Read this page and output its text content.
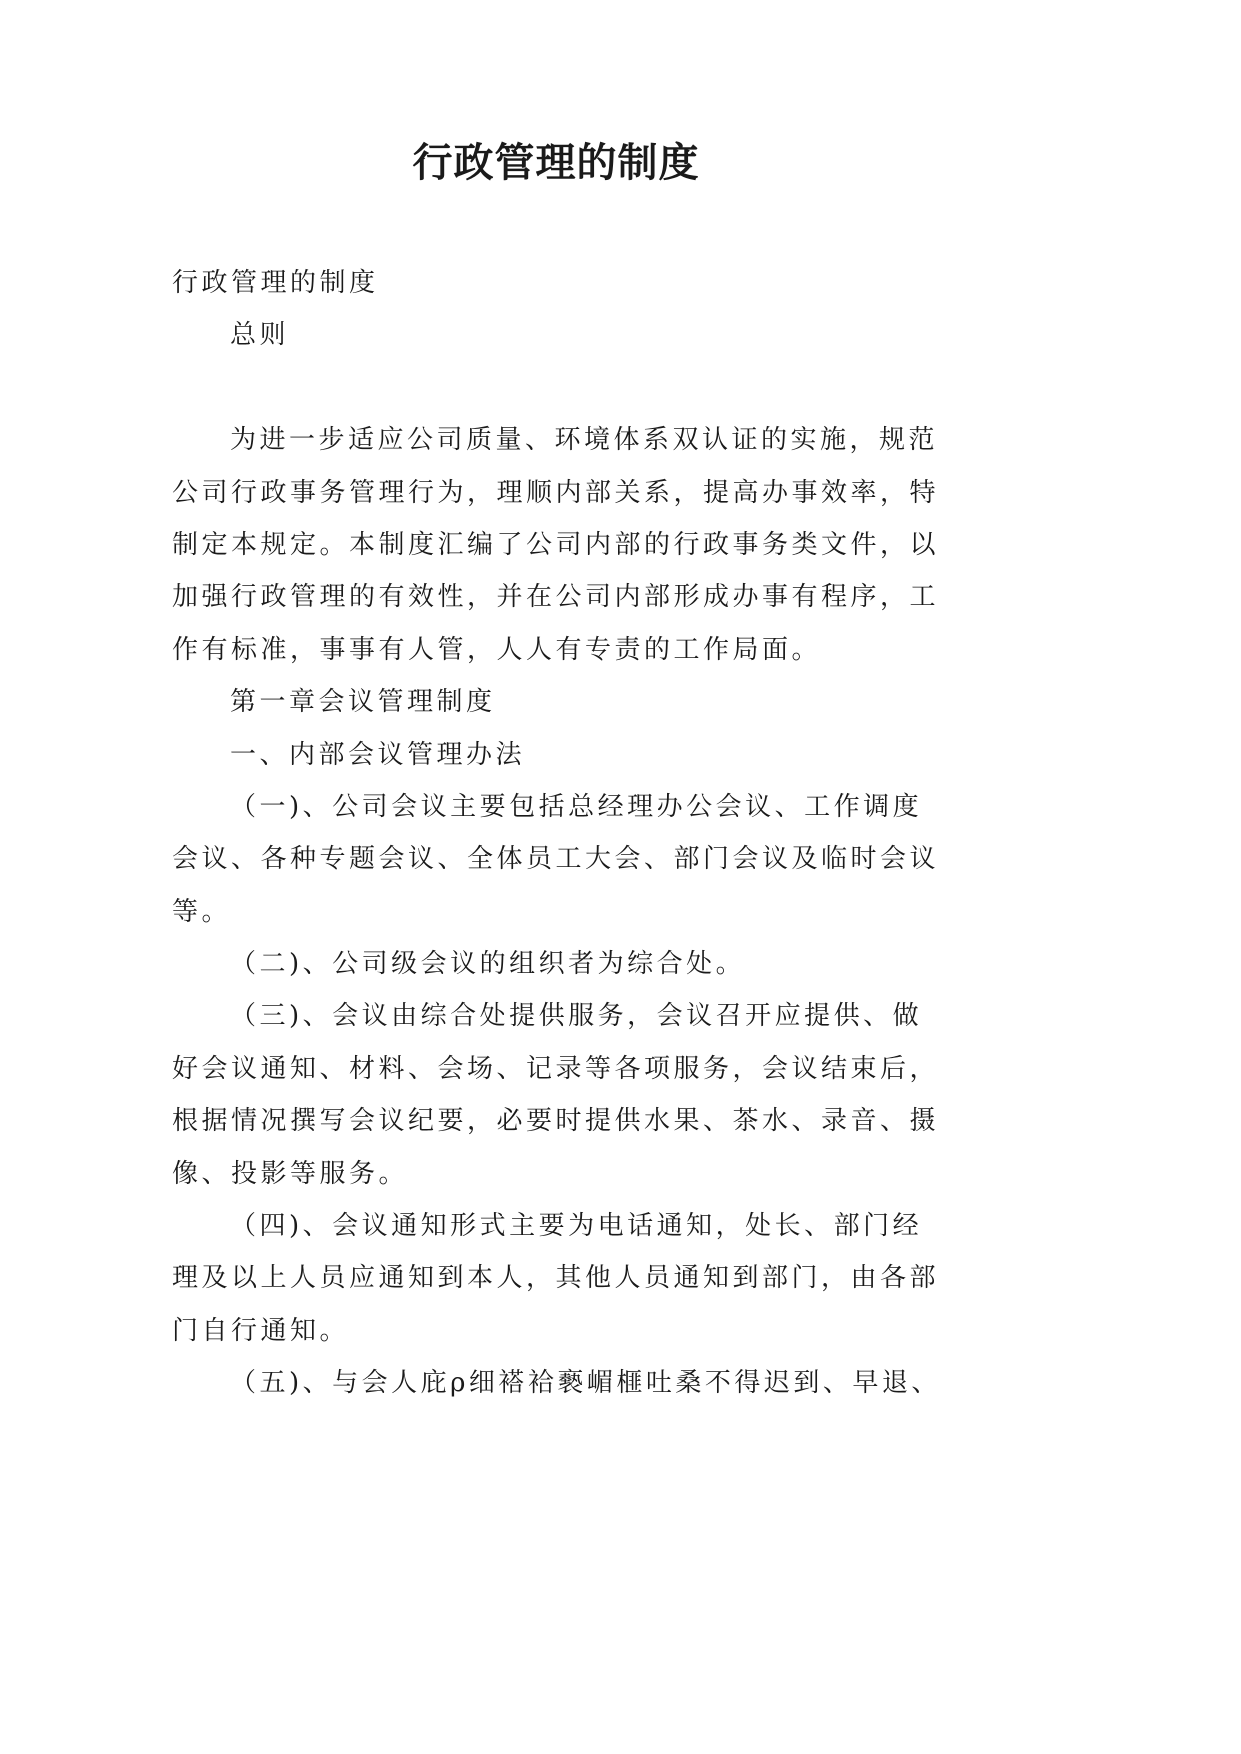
行政管理的制度
行政管理的制度
总则
为进一步适应公司质量、环境体系双认证的实施，规范
公司行政事务管理行为，理顺内部关系，提高办事效率，特
制定本规定。本制度汇编了公司内部的行政事务类文件，以
加强行政管理的有效性，并在公司内部形成办事有程序，工
作有标准，事事有人管，人人有专责的工作局面。
第一章会议管理制度
一、内部会议管理办法
（一)、公司会议主要包括总经理办公会议、工作调度
会议、各种专题会议、全体员工大会、部门会议及临时会议
等。
（二)、公司级会议的组织者为综合处。
（三)、会议由综合处提供服务，会议召开应提供、做
好会议通知、材料、会场、记录等各项服务，会议结束后，
根据情况撰写会议纪要，必要时提供水果、茶水、录音、摄
像、投影等服务。
（四)、会议通知形式主要为电话通知，处长、部门经
理及以上人员应通知到本人，其他人员通知到部门，由各部
门自行通知。
（五)、与会人庇ρ细褡袷褻嵋榧吐桑不得迟到、早退、
